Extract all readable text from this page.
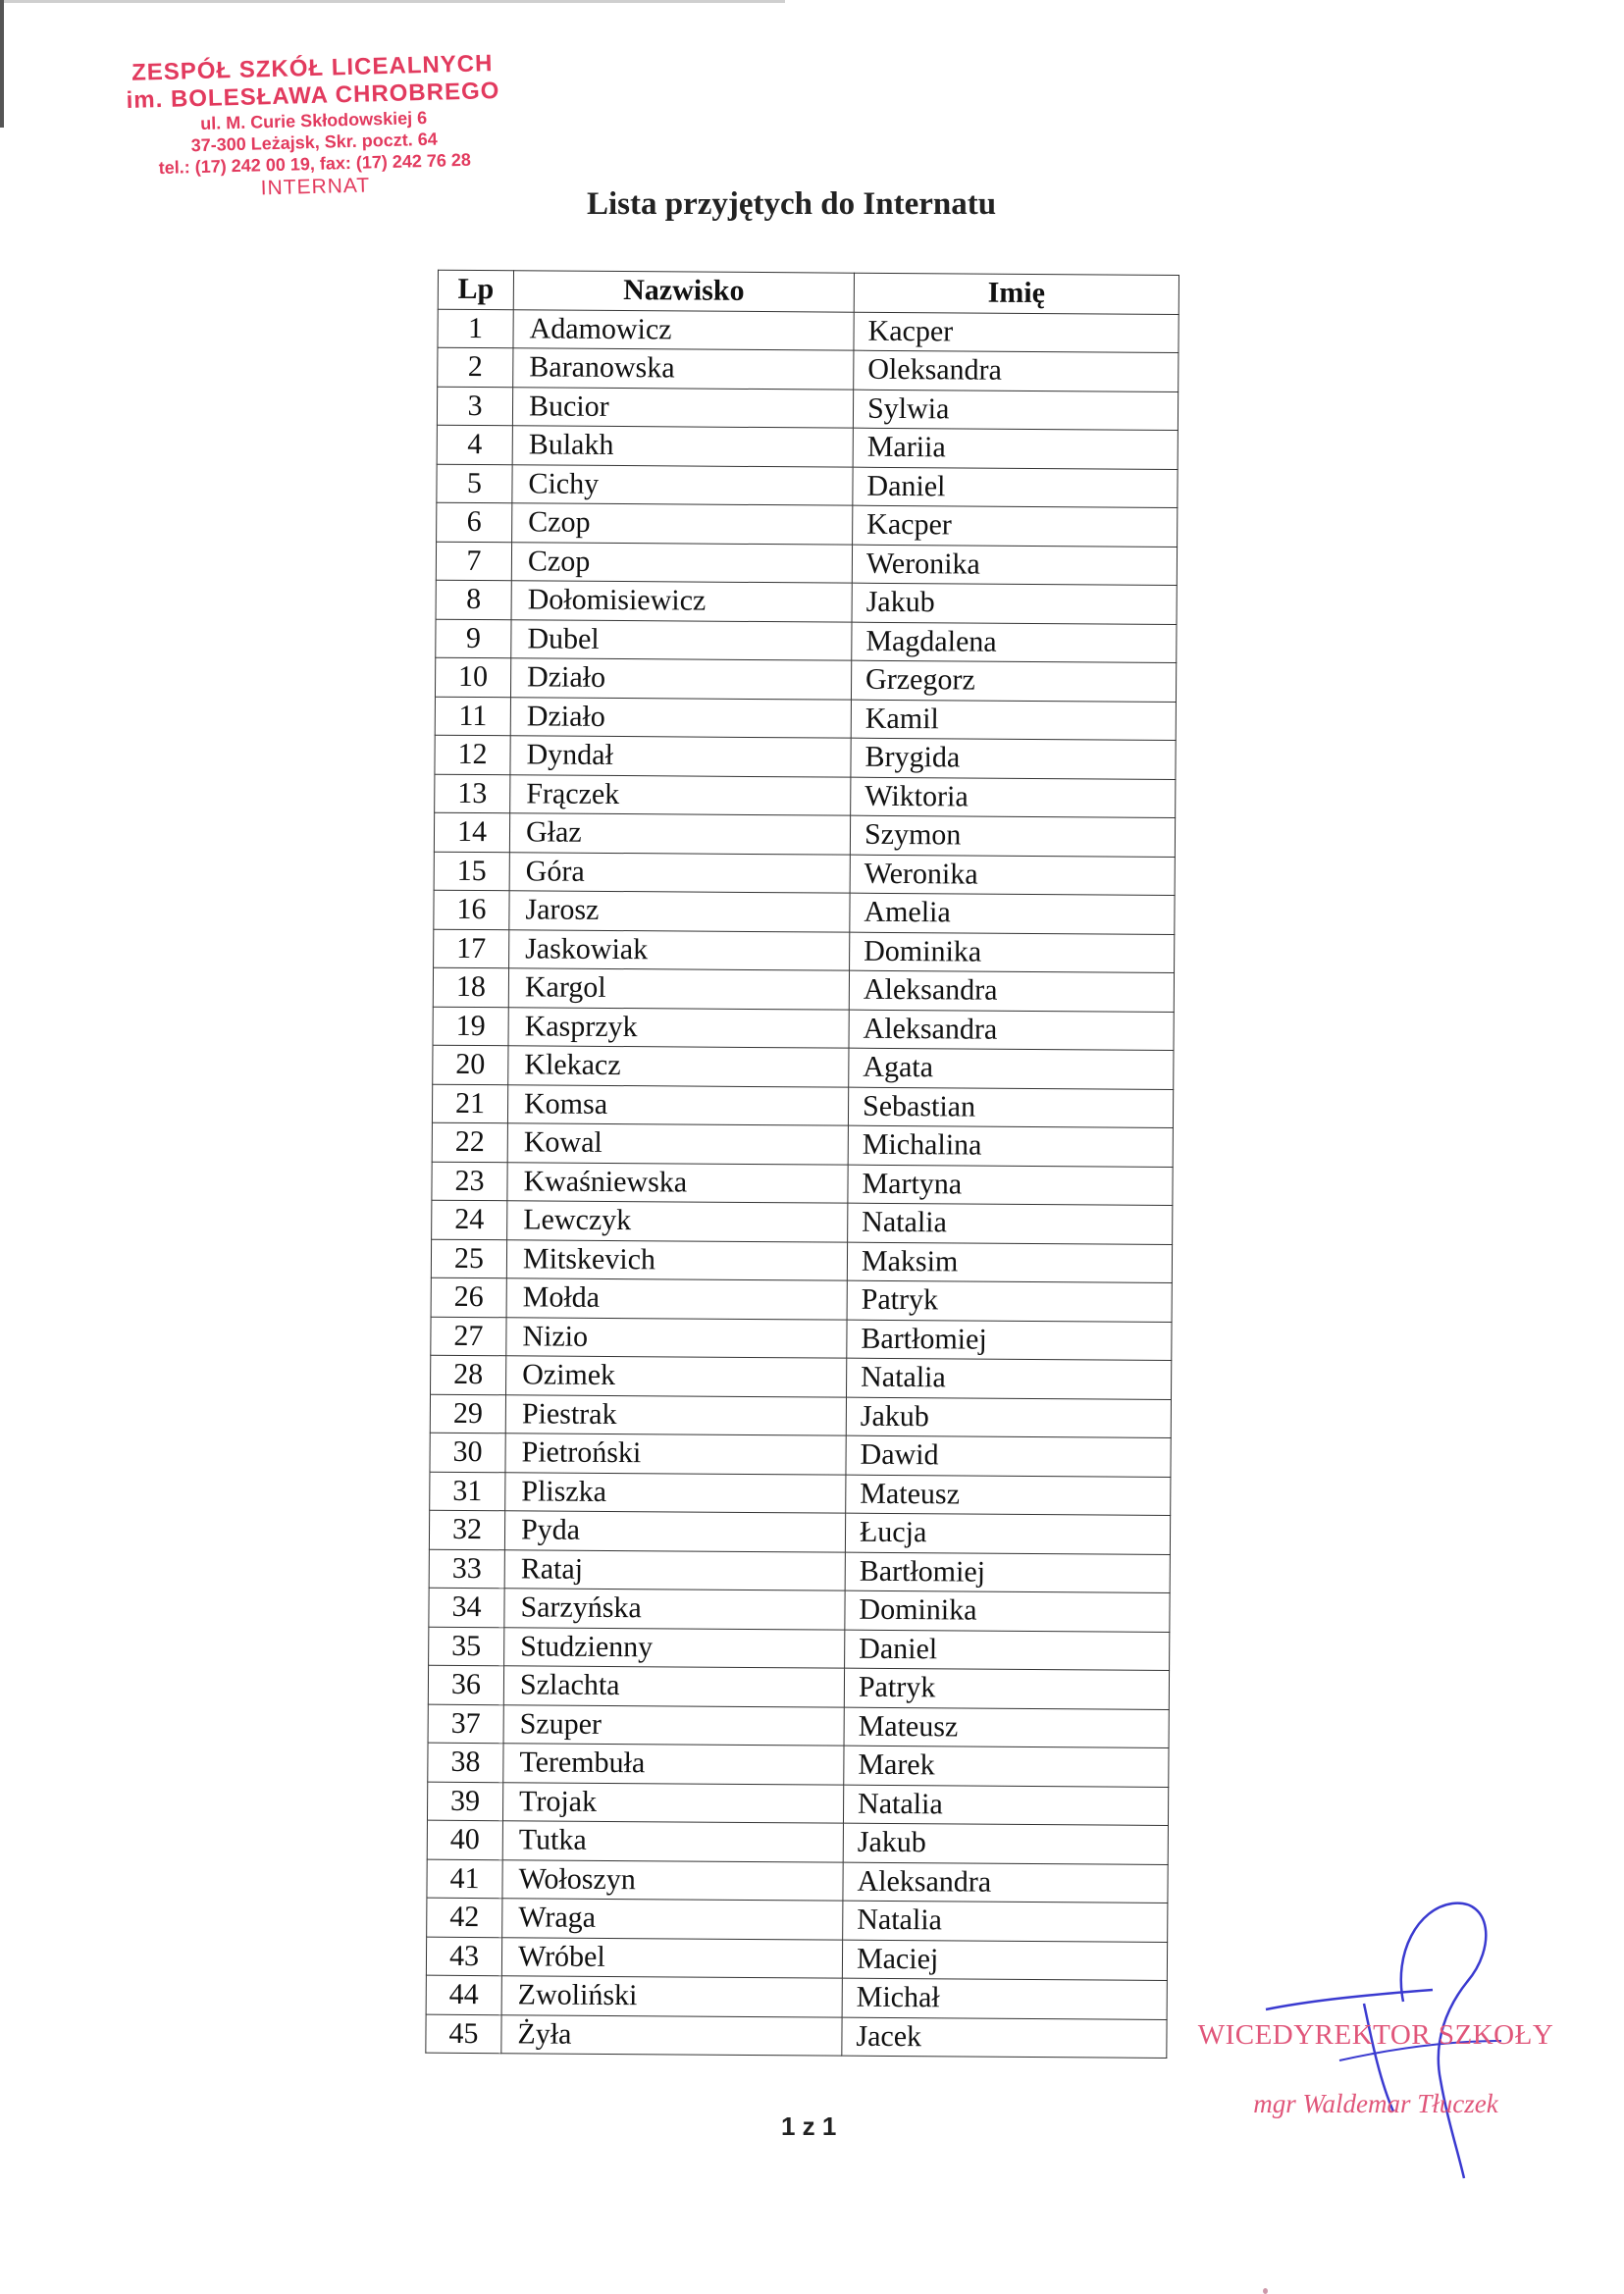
ZESPÓŁ SZKÓŁ LICEALNYCH
im. BOLESŁAWA CHROBREGO
ul. M. Curie Skłodowskiej 6
37-300 Leżajsk, Skr. poczt. 64
tel.: (17) 242 00 19, fax: (17) 242 76 28
INTERNAT	Lista przyjętych do Internatu
Lp	Nazwisko	Imię
1	Adamowicz	Kacper
2	Baranowska	Oleksandra
3	Bucior	Sylwia
4	Bulakh	Mariia
5	Cichy	Daniel
6	Czop	Kacper
7	Czop	Weronika
8	Dołomisiewicz	Jakub
9	Dubel	Magdalena
10	Działo	Grzegorz
11	Działo	Kamil
12	Dyndał	Brygida
13	Frączek	Wiktoria
14	Głaz	Szymon
15	Góra	Weronika
16	Jarosz	Amelia
17	Jaskowiak	Dominika
18	Kargol	Aleksandra
19	Kasprzyk	Aleksandra
20	Klekacz	Agata
21	Komsa	Sebastian
22	Kowal	Michalina
23	Kwaśniewska	Martyna
24	Lewczyk	Natalia
25	Mitskevich	Maksim
26	Mołda	Patryk
27	Nizio	Bartłomiej
28	Ozimek	Natalia
29	Piestrak	Jakub
30	Pietroński	Dawid
31	Pliszka	Mateusz
32	Pyda	Łucja
33	Rataj	Bartłomiej
34	Sarzyńska	Dominika
35	Studzienny	Daniel
36	Szlachta	Patryk
37	Szuper	Mateusz
38	Terembuła	Marek
39	Trojak	Natalia
40	Tutka	Jakub
41	Wołoszyn	Aleksandra
42	Wraga	Natalia
43	Wróbel	Maciej
44	Zwoliński	Michał
45	Żyła	Jacek
1 z 1
WICEDYREKTOR SZKOŁY
mgr Waldemar Tłuczek
